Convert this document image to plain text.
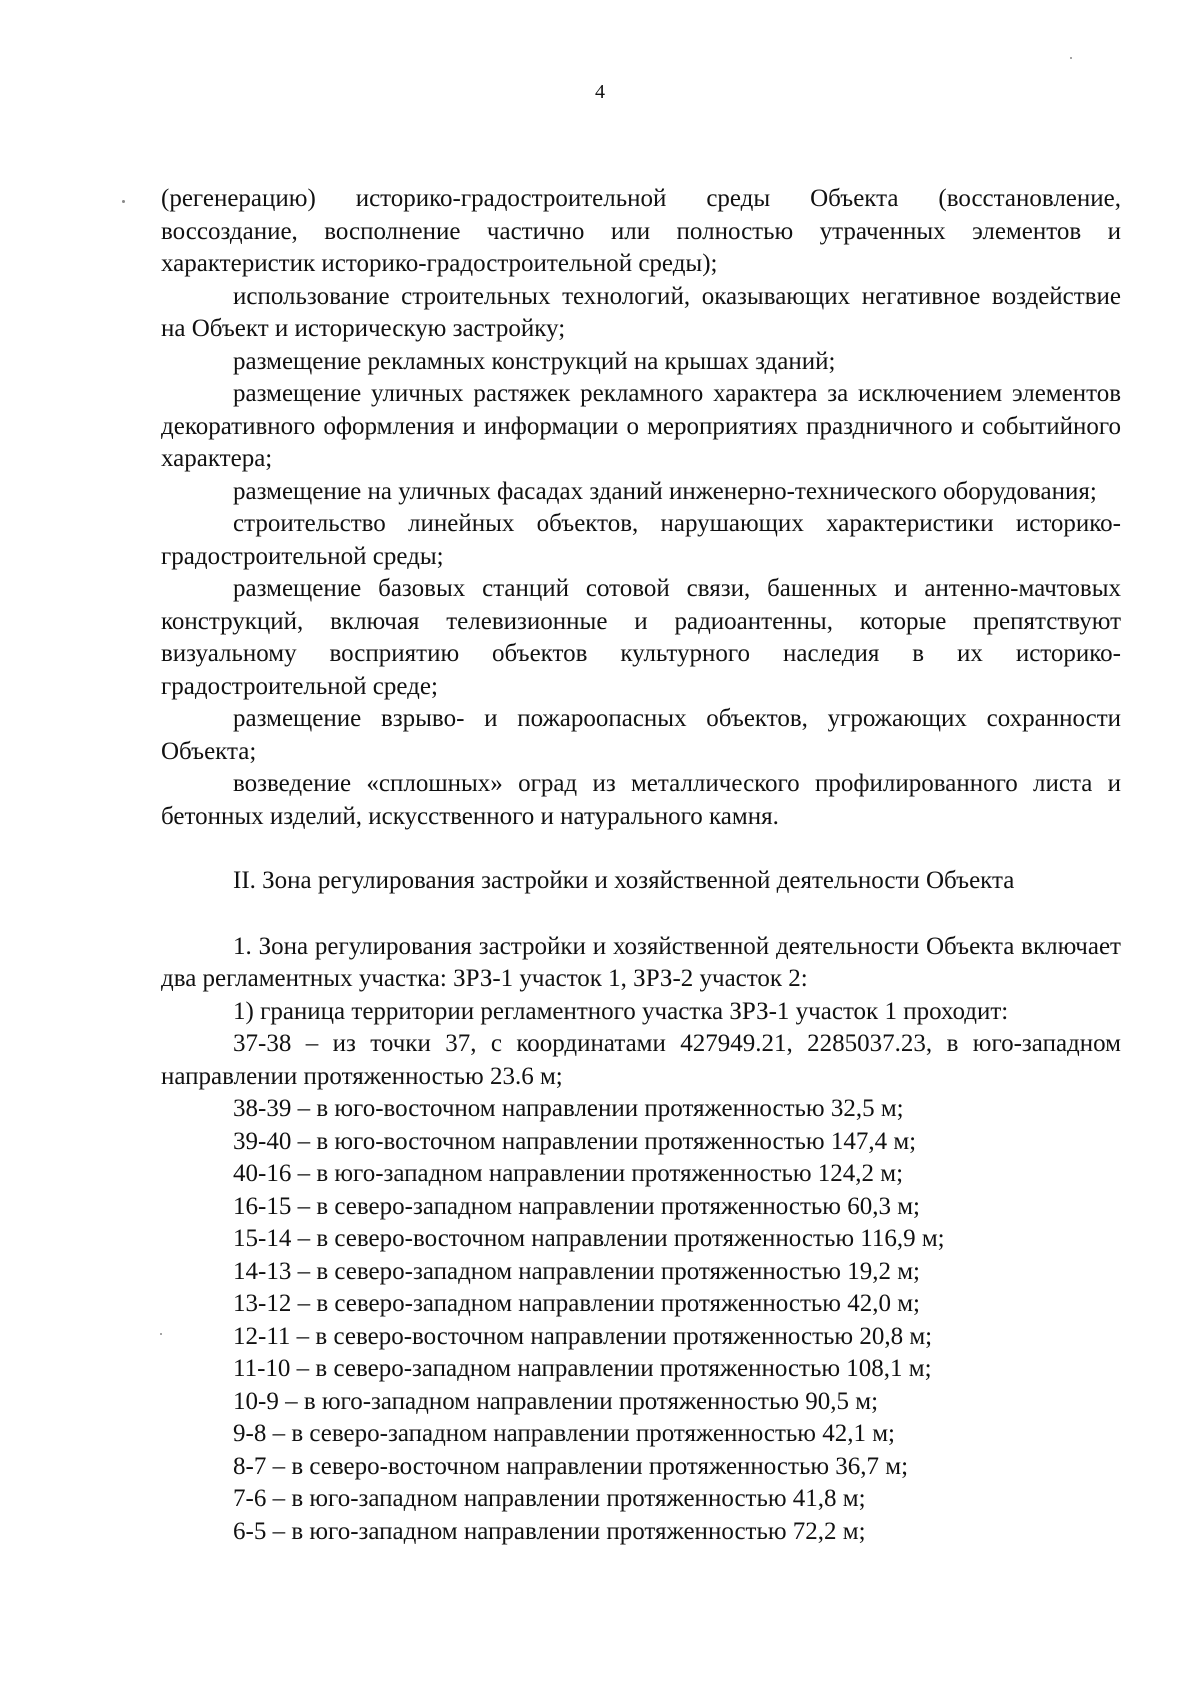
4

(регенерацию) историко-градостроительной среды Объекта (восстановление, воссоздание, восполнение частично или полностью утраченных элементов и характеристик историко-градостроительной среды);

использование строительных технологий, оказывающих негативное воздействие на Объект и историческую застройку;

размещение рекламных конструкций на крышах зданий;

размещение уличных растяжек рекламного характера за исключением элементов декоративного оформления и информации о мероприятиях праздничного и событийного характера;

размещение на уличных фасадах зданий инженерно-технического оборудования;

строительство линейных объектов, нарушающих характеристики историко-градостроительной среды;

размещение базовых станций сотовой связи, башенных и антенно-мачтовых конструкций, включая телевизионные и радиоантенны, которые препятствуют визуальному восприятию объектов культурного наследия в их историко-градостроительной среде;

размещение взрыво- и пожароопасных объектов, угрожающих сохранности Объекта;

возведение «сплошных» оград из металлического профилированного листа и бетонных изделий, искусственного и натурального камня.

II. Зона регулирования застройки и хозяйственной деятельности Объекта

1. Зона регулирования застройки и хозяйственной деятельности Объекта включает два регламентных участка: ЗРЗ-1 участок 1, ЗРЗ-2 участок 2:

1) граница территории регламентного участка ЗРЗ-1 участок 1 проходит:

37-38 – из точки 37, с координатами 427949.21, 2285037.23, в юго-западном направлении протяженностью 23.6 м;

38-39 – в юго-восточном направлении протяженностью 32,5 м;

39-40 – в юго-восточном направлении протяженностью 147,4 м;

40-16 – в юго-западном направлении протяженностью 124,2 м;

16-15 – в северо-западном направлении протяженностью 60,3 м;

15-14 – в северо-восточном направлении протяженностью 116,9 м;

14-13 – в северо-западном направлении протяженностью 19,2 м;

13-12 – в северо-западном направлении протяженностью 42,0 м;

12-11 – в северо-восточном направлении протяженностью 20,8 м;

11-10 – в северо-западном направлении протяженностью 108,1 м;

10-9 – в юго-западном направлении протяженностью 90,5 м;

9-8 – в северо-западном направлении протяженностью 42,1 м;

8-7 – в северо-восточном направлении протяженностью 36,7 м;

7-6 – в юго-западном направлении протяженностью 41,8 м;

6-5 – в юго-западном направлении протяженностью 72,2 м;
